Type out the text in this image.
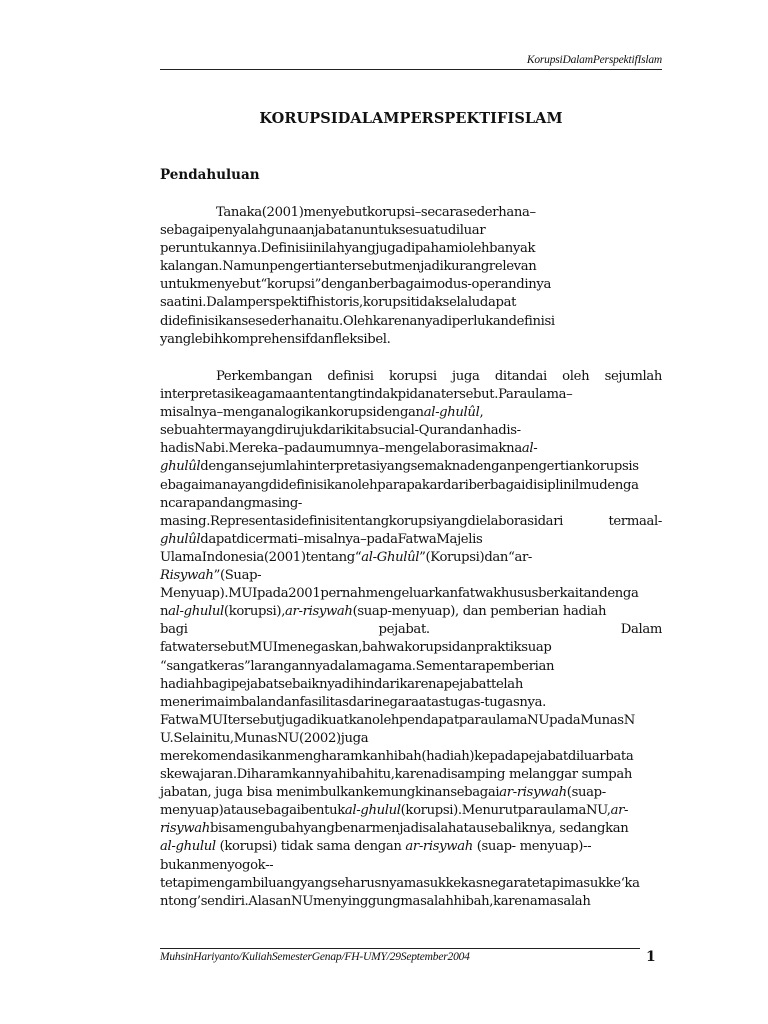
KorupsiDalamPerspektifIslam
KORUPSIDALAMPERSPEKTIFISLAM
Pendahuluan
Tanaka(2001)menyebutkorupsi–secarasederhana–
sebagaipenyalahgunaanjabatanuntuksesuatudiluar
peruntukannya.Definisiinilahyangjugadipahamiolehbanyak
kalangan.Namunpengertiantersebutmenjadikurangrelevan
untukmenyebut“korupsi”denganberbagaimodus-operandinya
saatini.Dalamperspektifhistoris,korupsitidakselaludapat
didefinisikansesederhanaitu.Olehkarenanyadiperlukandefinisi
yanglebihkomprehensifdanfleksibel.
Perkembangan definisi korupsi juga ditandai oleh sejumlah
interpretasikeagamaantentangtindakpidanatersebut.Paraulama–
misalnya–menganalogikankorupsidenganal-ghulûl,
sebuahtermayangdirujukdarikitabsucial-Qurandanhadis-
hadisNabi.Mereka–padaumumnya–mengelaborasimaknaal-
ghulûldengansejumlahinterpretasiyangsemaknadenganpengertiankorupsis
ebagaimanayangdidefinisikanolehparapakardariberbagaidisiplinilmudenga
ncarapandangmasing-
masing.Representasidefinisitentangkorupsiyangdielaborasidari termaal-
ghulûldapatdicermati–misalnya–padaFatwaMajelis
UlamaIndonesia(2001)tentang“al-Ghulûl”(Korupsi)dan“ar-
Risywah”(Suap-
Menyuap).MUIpada2001pernahmengeluarkanfatwakhususberkaitandenga
nal-ghulul(korupsi),ar-risywah(suap-menyuap), dan pemberian hadiah
bagi pejabat. Dalam
fatwatersebutMUImenegaskan,bahwakorupsidanpraktiksuap
“sangatkeras”larangannyadalamagama.Sementarapemberian
hadiahbagipejabatsebaiknyadihindarikarenapejabattelah
menerimaimbalandanfasilitasdarinegaraatastugas-tugasnya.
FatwaMUItersebutjugadikuatkanolehpendapatparaulamaNUpadaMunasN
U.Selainitu,MunasNU(2002)juga
merekomendasikanmengharamkanhibah(hadiah)kepadapejabatdiluarbata
skewajaran.Diharamkannyahibahitu,karenadisamping melanggar sumpah
jabatan, juga bisa menimbulkankemungkinansebagaiar-risywah(suap-
menyuap)atausebagaibentukal-ghulul(korupsi).MenurutparaulamaNU,ar-
risywahbisamengubahyangbenarmenjadisalahatausebaliknya, sedangkan
al-ghulul (korupsi) tidak sama dengan ar-risywah (suap- menyuap)--
bukanmenyogok--
tetapimengambiluangyangseharusnyamasukkekasnegaratetapimasukke‘ka
ntong’sendiri.AlasanNUmenyinggungmasalahhibah,karenamasalah
MuhsinHariyanto/KuliahSemesterGenap/FH-UMY/29September2004	1
